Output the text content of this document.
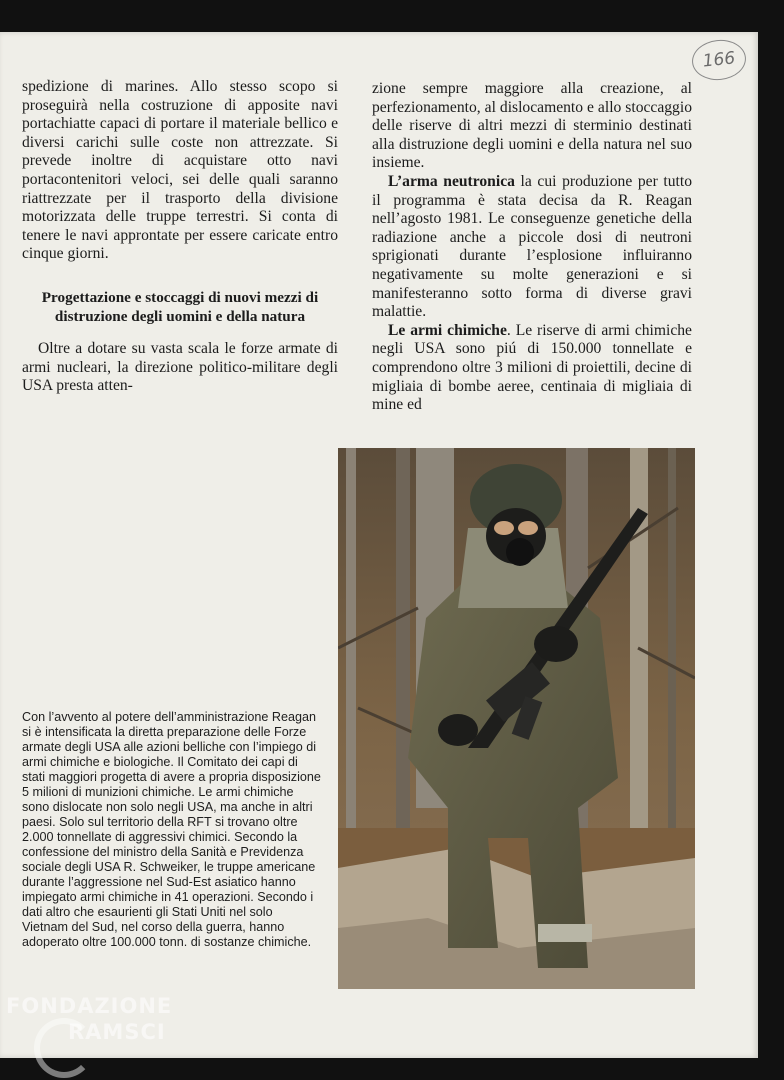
166

spedizione di marines. Allo stesso scopo si proseguirà nella costruzione di apposite navi portachiatte capaci di portare il materiale bellico e diversi carichi sulle coste non attrezzate. Si prevede inoltre di acquistare otto navi portacontenitori veloci, sei delle quali saranno riattrezzate per il trasporto della divisione motorizzata delle truppe terrestri. Si conta di tenere le navi approntate per essere caricate entro cinque giorni.

Progettazione e stoccaggi di nuovi mezzi di distruzione degli uomini e della natura

Oltre a dotare su vasta scala le forze armate di armi nucleari, la direzione politico-militare degli USA presta atten-

zione sempre maggiore alla creazione, al perfezionamento, al dislocamento e allo stoccaggio delle riserve di altri mezzi di sterminio destinati alla distruzione degli uomini e della natura nel suo insieme.

L’arma neutronica la cui produzione per tutto il programma è stata decisa da R. Reagan nell’agosto 1981. Le conseguenze genetiche della radiazione anche a piccole dosi di neutroni sprigionati durante l’esplosione influiranno negativamente su molte generazioni e si manifesteranno sotto forma di diverse gravi malattie.

Le armi chimiche. Le riserve di armi chimiche negli USA sono piú di 150.000 tonnellate e comprendono oltre 3 milioni di proiettili, decine di migliaia di bombe aeree, centinaia di migliaia di mine ed

Con l’avvento al potere dell’amministrazione Reagan si è intensificata la diretta preparazione delle Forze armate degli USA alle azioni belliche con l’impiego di armi chimiche e biologiche. Il Comitato dei capi di stati maggiori progetta di avere a propria disposizione 5 milioni di munizioni chimiche. Le armi chimiche sono dislocate non solo negli USA, ma anche in altri paesi. Solo sul territorio della RFT si trovano oltre 2.000 tonnellate di aggressivi chimici. Secondo la confessione del ministro della Sanità e Previdenza sociale degli USA R. Schweiker, le truppe americane durante l’aggressione nel Sud-Est asiatico hanno impiegato armi chimiche in 41 operazioni. Secondo i dati altro che esaurienti gli Stati Uniti nel solo Vietnam del Sud, nel corso della guerra, hanno adoperato oltre 100.000 tonn. di sostanze chimiche.

FONDAZIONE
RAMSCI
